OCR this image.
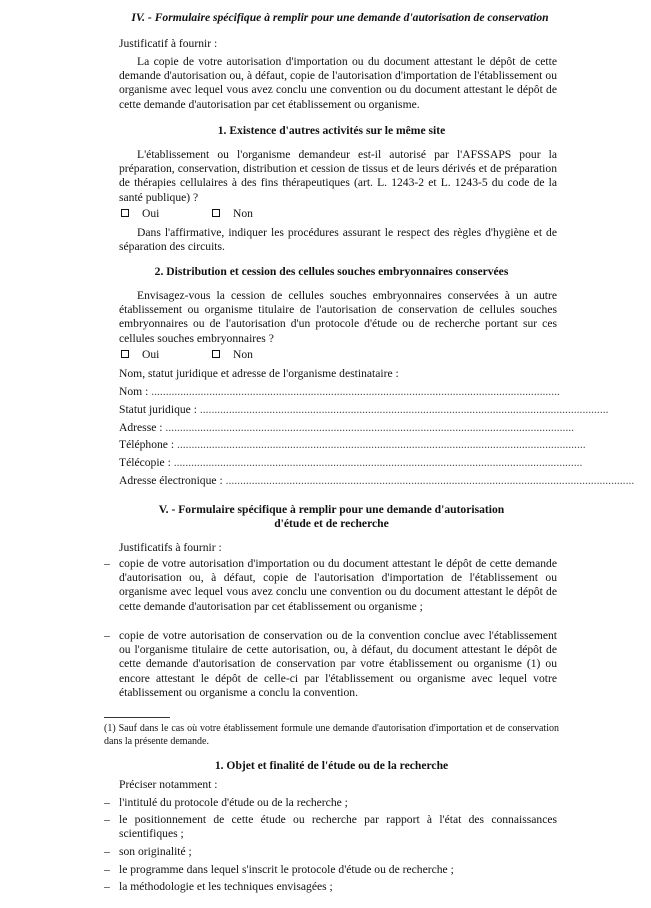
IV. - Formulaire spécifique à remplir pour une demande d'autorisation de conservation
Justificatif à fournir :
La copie de votre autorisation d'importation ou du document attestant le dépôt de cette demande d'autorisation ou, à défaut, copie de l'autorisation d'importation de l'établissement ou organisme avec lequel vous avez conclu une convention ou du document attestant le dépôt de cette demande d'autorisation par cet établissement ou organisme.
1. Existence d'autres activités sur le même site
L'établissement ou l'organisme demandeur est-il autorisé par l'AFSSAPS pour la préparation, conservation, distribution et cession de tissus et de leurs dérivés et de préparation de thérapies cellulaires à des fins thérapeutiques (art. L. 1243-2 et L. 1243-5 du code de la santé publique) ?
Oui	Non
Dans l'affirmative, indiquer les procédures assurant le respect des règles d'hygiène et de séparation des circuits.
2. Distribution et cession des cellules souches embryonnaires conservées
Envisagez-vous la cession de cellules souches embryonnaires conservées à un autre établissement ou organisme titulaire de l'autorisation de conservation de cellules souches embryonnaires ou de l'autorisation d'un protocole d'étude ou de recherche portant sur ces cellules souches embryonnaires ?
Oui	Non
Nom, statut juridique et adresse de l'organisme destinataire :
Nom : .............................................................................................................................................
Statut juridique : .............................................................................................................................................
Adresse : .............................................................................................................................................
Téléphone : .............................................................................................................................................
Télécopie : .............................................................................................................................................
Adresse électronique : .............................................................................................................................................
V. - Formulaire spécifique à remplir pour une demande d'autorisation
d'étude et de recherche
Justificatifs à fournir :
– copie de votre autorisation d'importation ou du document attestant le dépôt de cette demande d'autorisation ou, à défaut, copie de l'autorisation d'importation de l'établissement ou organisme avec lequel vous avez conclu une convention ou du document attestant le dépôt de cette demande d'autorisation par cet établissement ou organisme ;
– copie de votre autorisation de conservation ou de la convention conclue avec l'établissement ou l'organisme titulaire de cette autorisation, ou, à défaut, du document attestant le dépôt de cette demande d'autorisation de conservation par votre établissement ou organisme (1) ou encore attestant le dépôt de celle-ci par l'établissement ou organisme avec lequel votre établissement ou organisme a conclu la convention.
(1) Sauf dans le cas où votre établissement formule une demande d'autorisation d'importation et de conservation dans la présente demande.
1. Objet et finalité de l'étude ou de la recherche
Préciser notamment :
– l'intitulé du protocole d'étude ou de la recherche ;
– le positionnement de cette étude ou recherche par rapport à l'état des connaissances scientifiques ;
– son originalité ;
– le programme dans lequel s'inscrit le protocole d'étude ou de recherche ;
– la méthodologie et les techniques envisagées ;
